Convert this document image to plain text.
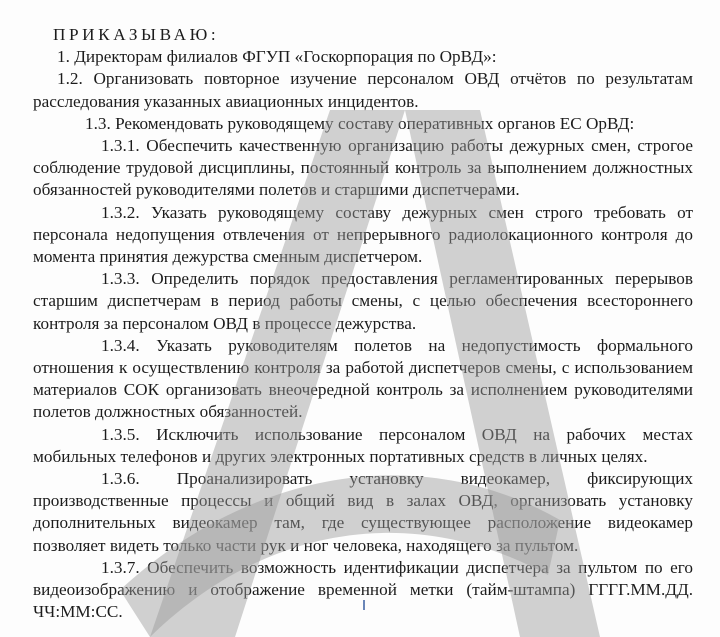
ПРИКАЗЫВАЮ:

1. Директорам филиалов ФГУП «Госкорпорация по ОрВД»:

1.2. Организовать повторное изучение персоналом ОВД отчётов по результатам расследования указанных авиационных инцидентов.

1.3. Рекомендовать руководящему составу оперативных органов ЕС ОрВД:

1.3.1. Обеспечить качественную организацию работы дежурных смен, строгое соблюдение трудовой дисциплины, постоянный контроль за выполнением должностных обязанностей руководителями полетов и старшими диспетчерами.

1.3.2. Указать руководящему составу дежурных смен строго требовать от персонала недопущения отвлечения от непрерывного радиолокационного контроля до момента принятия дежурства сменным диспетчером.

1.3.3. Определить порядок предоставления регламентированных перерывов старшим диспетчерам в период работы смены, с целью обеспечения всестороннего контроля за персоналом ОВД в процессе дежурства.

1.3.4. Указать руководителям полетов на недопустимость формального отношения к осуществлению контроля за работой диспетчеров смены, с использованием материалов СОК организовать внеочередной контроль за исполнением руководителями полетов должностных обязанностей.

1.3.5. Исключить использование персоналом ОВД на рабочих местах мобильных телефонов и других электронных портативных средств в личных целях.

1.3.6. Проанализировать установку видеокамер, фиксирующих производственные процессы и общий вид в залах ОВД, организовать установку дополнительных видеокамер там, где существующее расположение видеокамер позволяет видеть только части рук и ног человека, находящего за пультом.

1.3.7. Обеспечить возможность идентификации диспетчера за пультом по его видеоизображению и отображение временной метки (тайм-штампа) ГГГГ.ММ.ДД. ЧЧ:ММ:СС.
